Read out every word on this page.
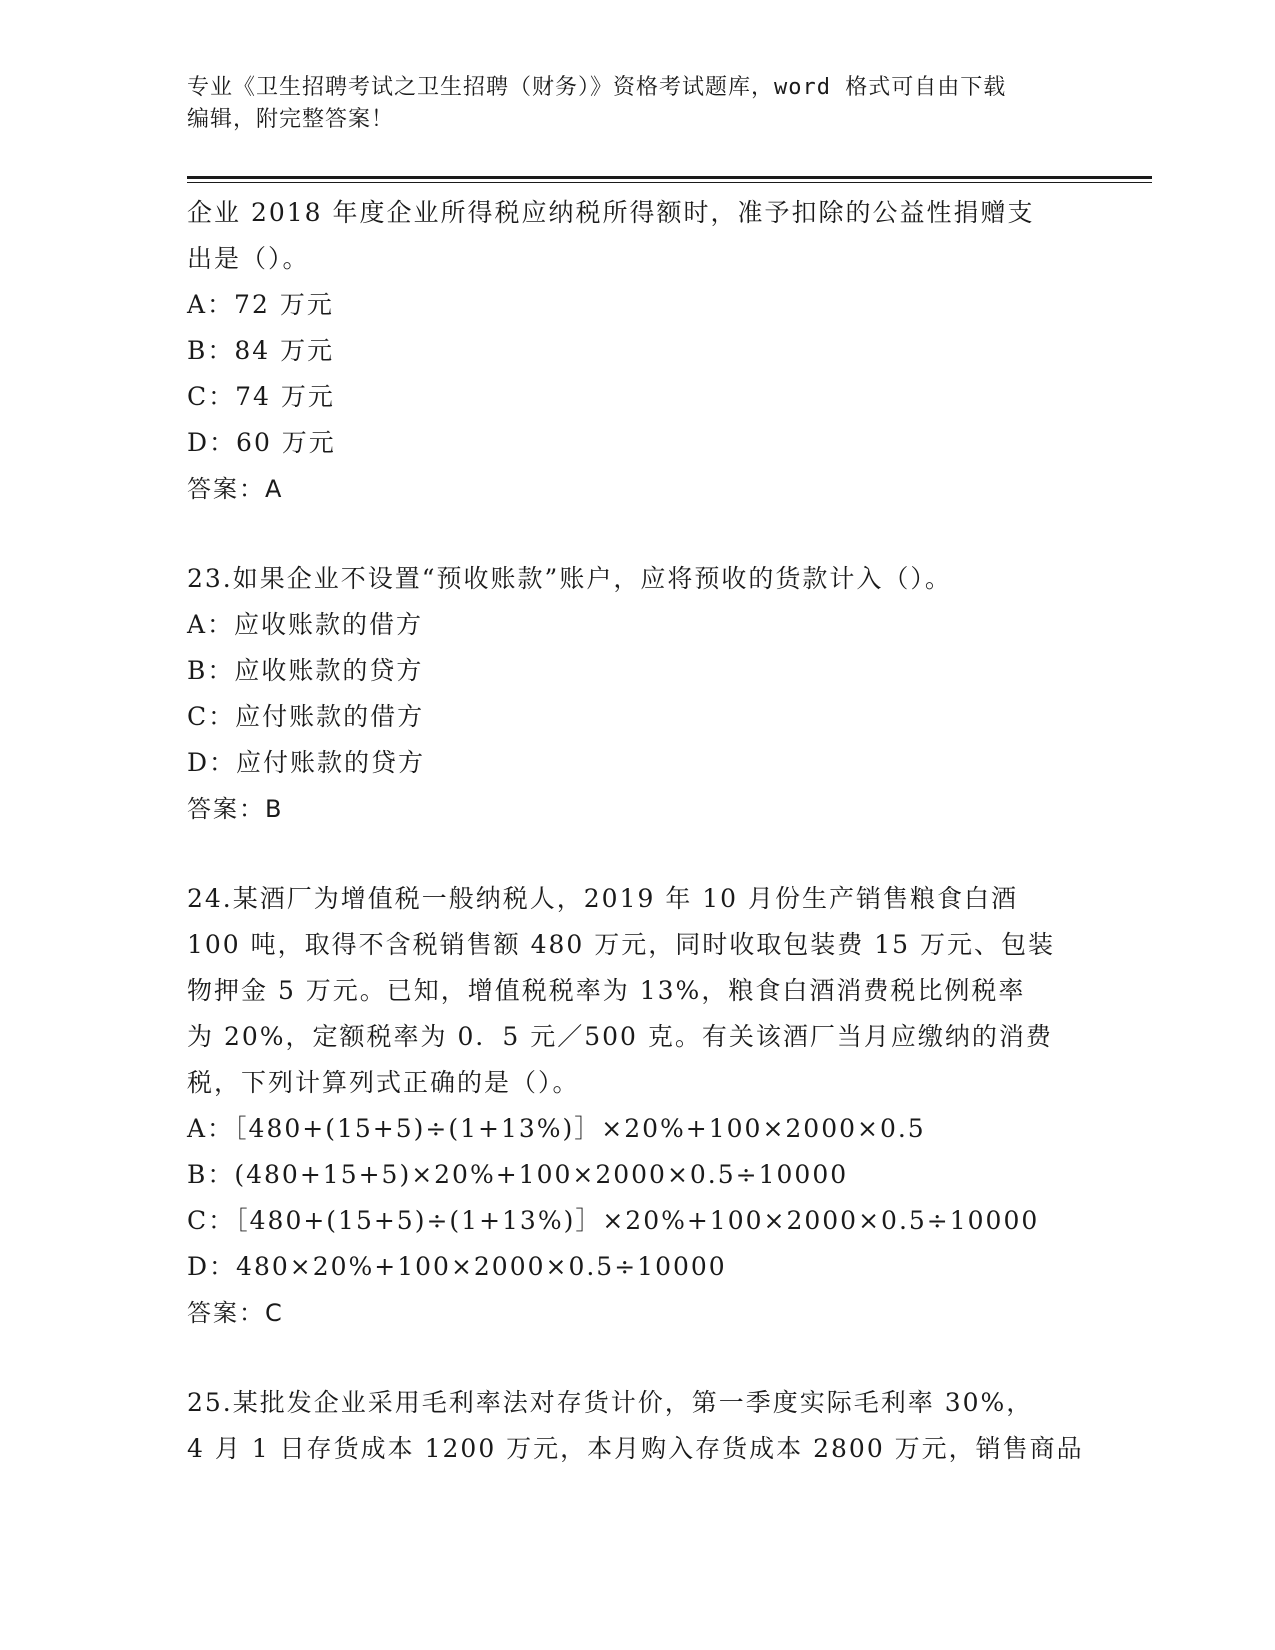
专业《卫生招聘考试之卫生招聘（财务）》资格考试题库，word 格式可自由下载
编辑，附完整答案！
企业 2018 年度企业所得税应纳税所得额时，准予扣除的公益性捐赠支
出是（）。
A：72 万元
B：84 万元
C：74 万元
D：60 万元
答案：A
23.如果企业不设置“预收账款”账户，应将预收的货款计入（）。
A：应收账款的借方
B：应收账款的贷方
C：应付账款的借方
D：应付账款的贷方
答案：B
24.某酒厂为增值税一般纳税人，2019 年 10 月份生产销售粮食白酒
100 吨，取得不含税销售额 480 万元，同时收取包装费 15 万元、包装
物押金 5 万元。已知，增值税税率为 13%，粮食白酒消费税比例税率
为 20%，定额税率为 0．5 元／500 克。有关该酒厂当月应缴纳的消费
税，下列计算列式正确的是（）。
A：［480+(15+5)÷(1+13%)］×20%+100×2000×0.5
B：(480+15+5)×20%+100×2000×0.5÷10000
C：［480+(15+5)÷(1+13%)］×20%+100×2000×0.5÷10000
D：480×20%+100×2000×0.5÷10000
答案：C
25.某批发企业采用毛利率法对存货计价，第一季度实际毛利率 30%，
4 月 1 日存货成本 1200 万元，本月购入存货成本 2800 万元，销售商品
